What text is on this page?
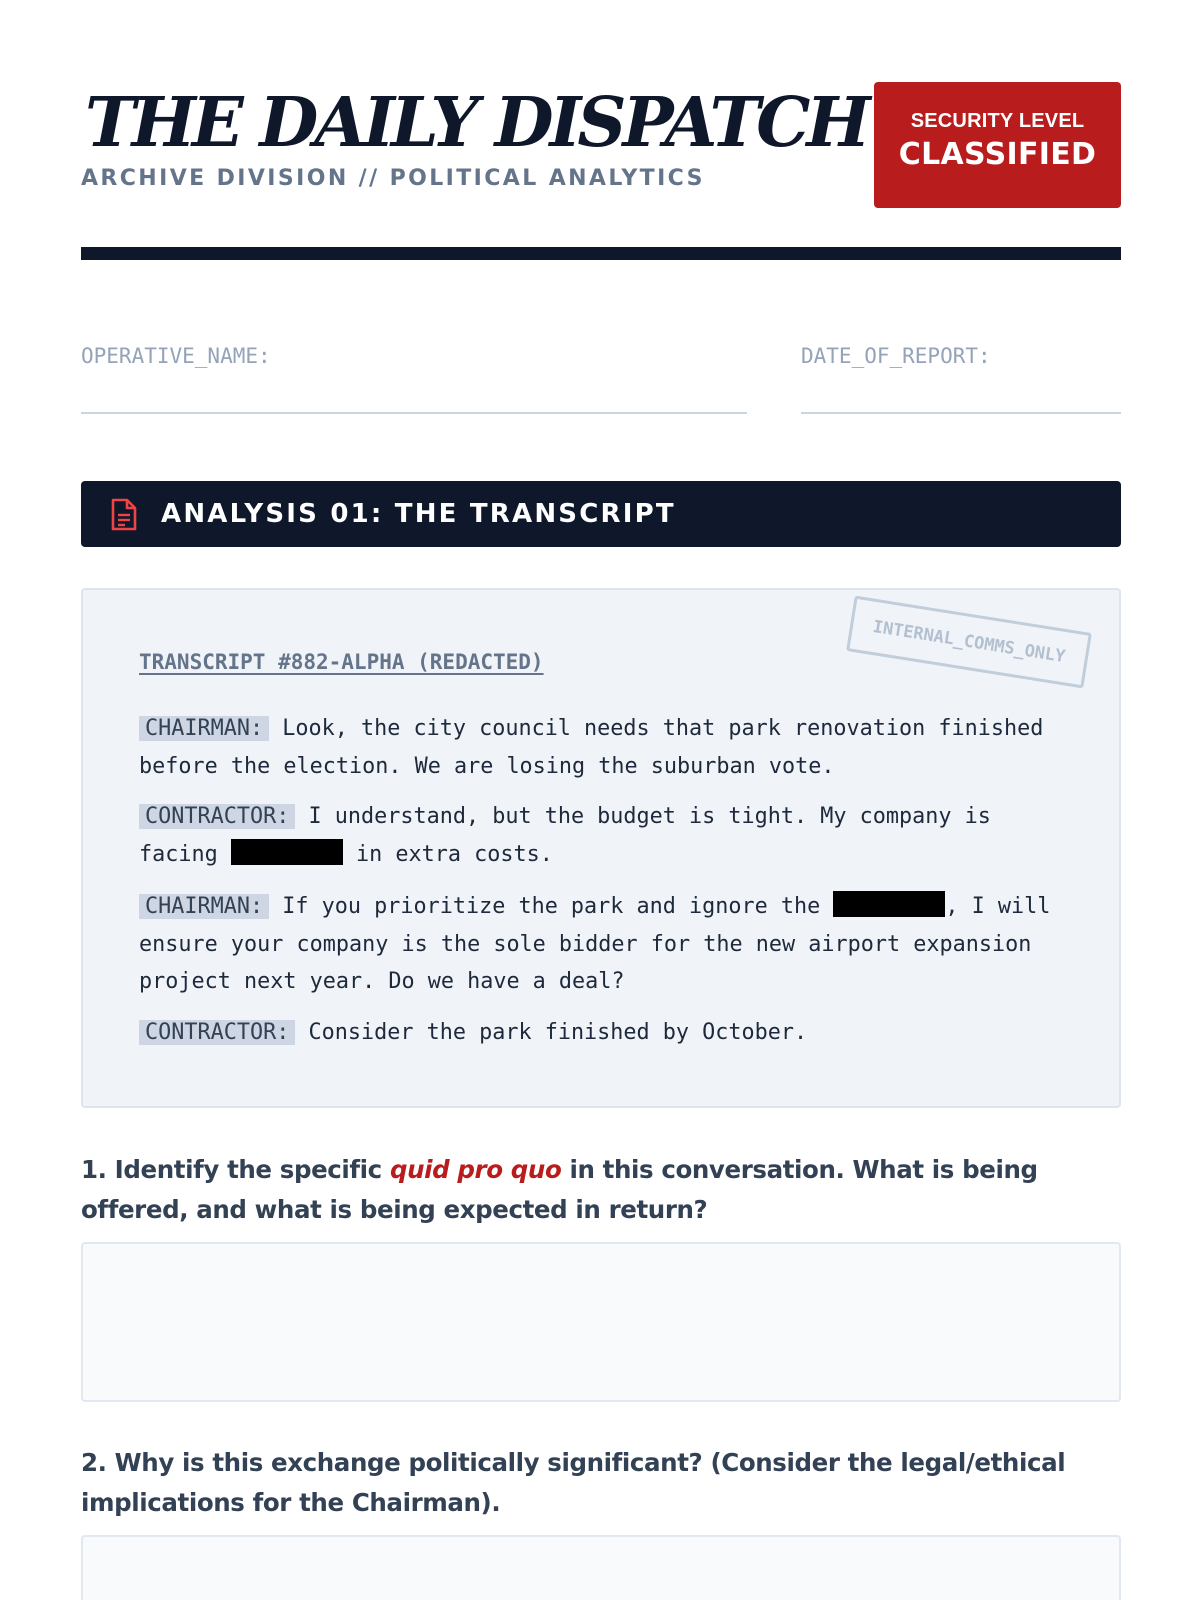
THE DAILY DISPATCH
ARCHIVE DIVISION // POLITICAL ANALYTICS
SECURITY LEVEL
CLASSIFIED
OPERATIVE_NAME:	DATE_OF_REPORT:
ANALYSIS 01: THE TRANSCRIPT
INTERNAL_COMMS_ONLY
TRANSCRIPT #882-ALPHA (REDACTED)
CHAIRMAN: Look, the city council needs that park renovation finished before the election. We are losing the suburban vote.
CONTRACTOR: I understand, but the budget is tight. My company is facing	in extra costs.
CHAIRMAN: If you prioritize the park and ignore the	, I will ensure your company is the sole bidder for the new airport expansion project next year. Do we have a deal?
CONTRACTOR: Consider the park finished by October.
1. Identify the specific quid pro quo in this conversation. What is being offered, and what is being expected in return?
2. Why is this exchange politically significant? (Consider the legal/ethical implications for the Chairman).
